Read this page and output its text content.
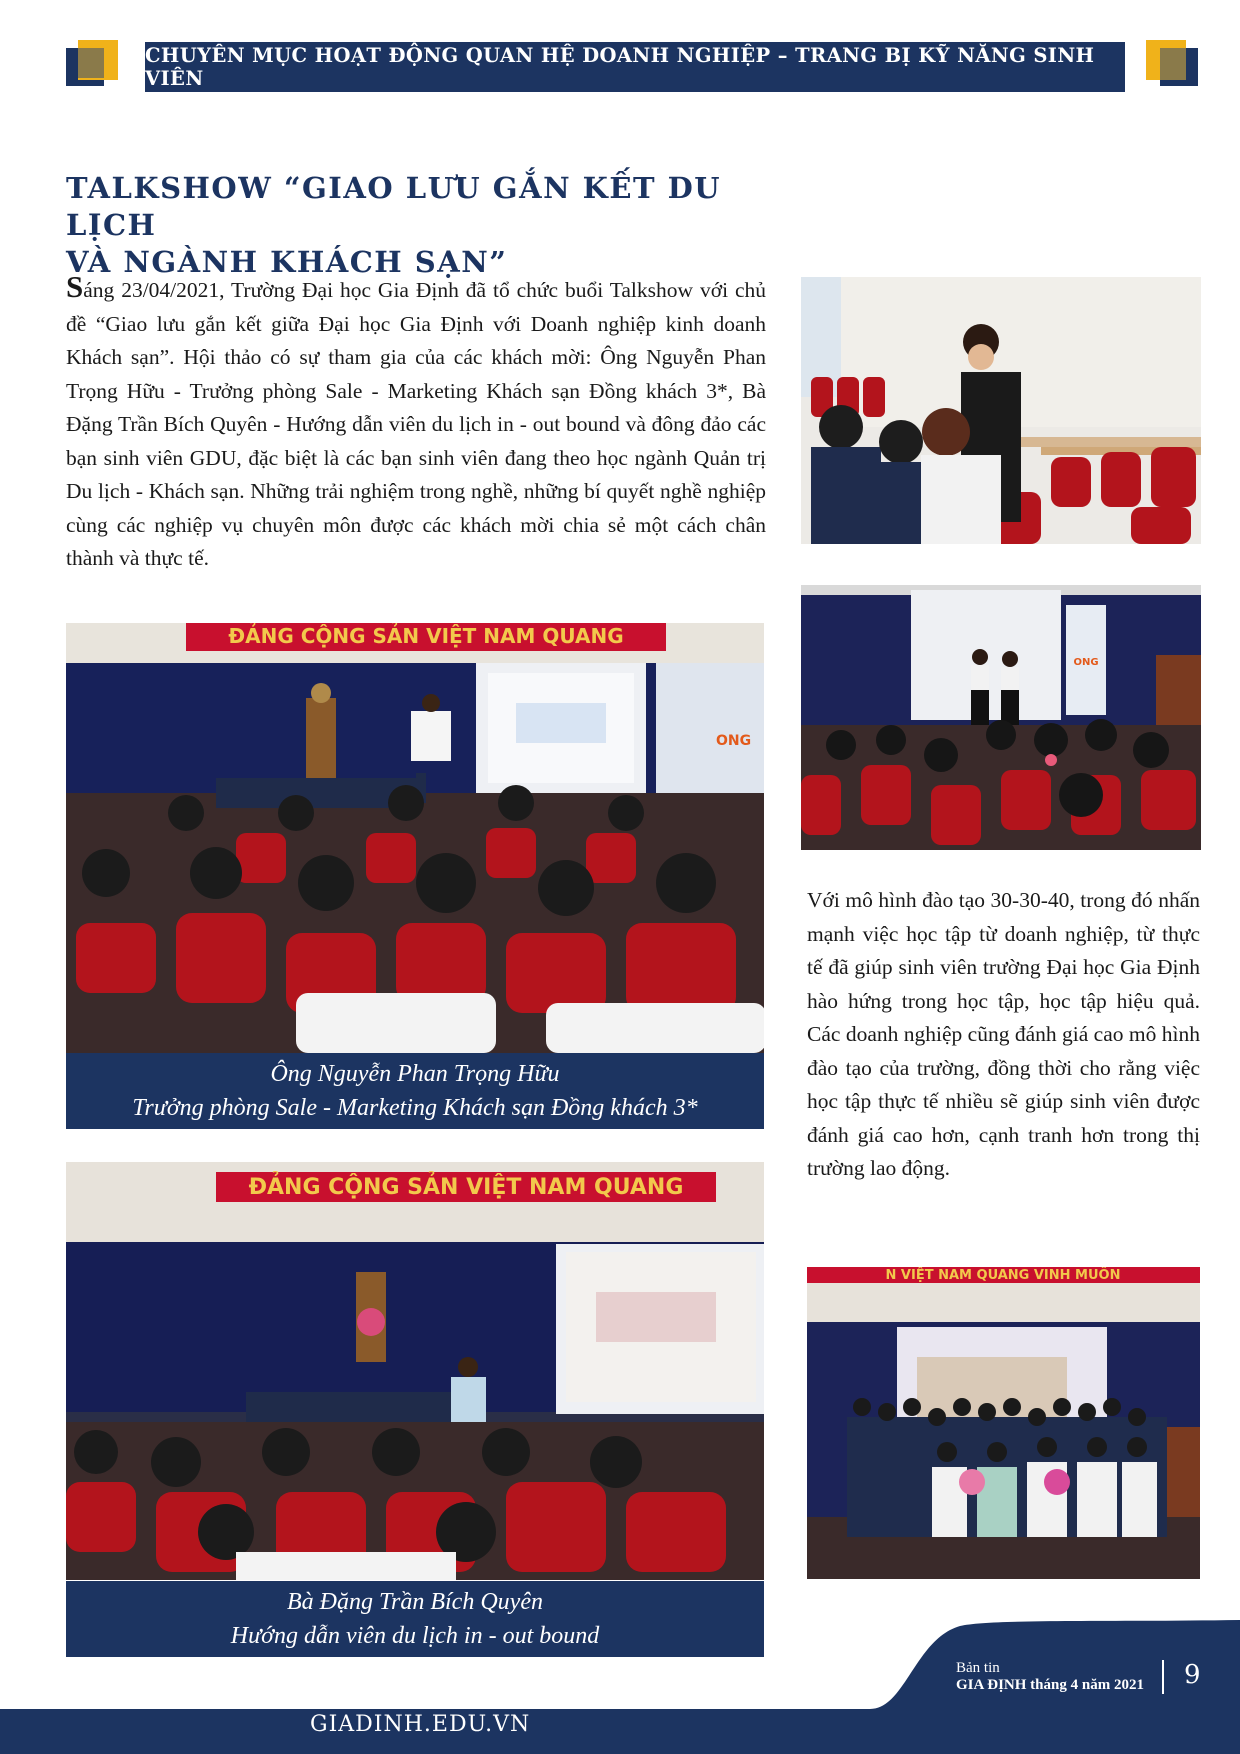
CHUYÊN MỤC HOẠT ĐỘNG QUAN HỆ DOANH NGHIỆP – TRANG BỊ KỸ NĂNG SINH VIÊN
TALKSHOW “GIAO LƯU GẮN KẾT DU LỊCH
VÀ NGÀNH KHÁCH SẠN”

Sáng 23/04/2021, Trường Đại học Gia Định đã tổ chức buổi Talkshow với chủ đề “Giao lưu gắn kết giữa Đại học Gia Định với Doanh nghiệp kinh doanh Khách sạn”. Hội thảo có sự tham gia của các khách mời: Ông Nguyễn Phan Trọng Hữu - Trưởng phòng Sale - Marketing Khách sạn Đồng khách 3*, Bà Đặng Trần Bích Quyên - Hướng dẫn viên du lịch in - out bound và đông đảo các bạn sinh viên GDU, đặc biệt là các bạn sinh viên đang theo học ngành Quản trị Du lịch - Khách sạn. Những trải nghiệm trong nghề, những bí quyết nghề nghiệp cùng các nghiệp vụ chuyên môn được các khách mời chia sẻ một cách chân thành và thực tế.

ĐẢNG CỘNG SẢN VIỆT NAM QUANG
ONG
Ông Nguyễn Phan Trọng Hữu
Trưởng phòng Sale - Marketing Khách sạn Đồng khách 3*
ĐẢNG CỘNG SẢN VIỆT NAM QUANG
Bà Đặng Trần Bích Quyên
Hướng dẫn viên du lịch in - out bound
ONG

Với mô hình đào tạo 30-30-40, trong đó nhấn mạnh việc học tập từ doanh nghiệp, từ thực tế đã giúp sinh viên trường Đại học Gia Định hào hứng trong học tập, học tập hiệu quả. Các doanh nghiệp cũng đánh giá cao mô hình đào tạo của trường, đồng thời cho rằng việc học tập thực tế nhiều sẽ giúp sinh viên được đánh giá cao hơn, cạnh tranh hơn trong thị trường lao động.

N VIỆT NAM QUANG VINH MUÔN
GIADINH.EDU.VN
Bản tin
GIA ĐỊNH tháng 4 năm 2021 9
